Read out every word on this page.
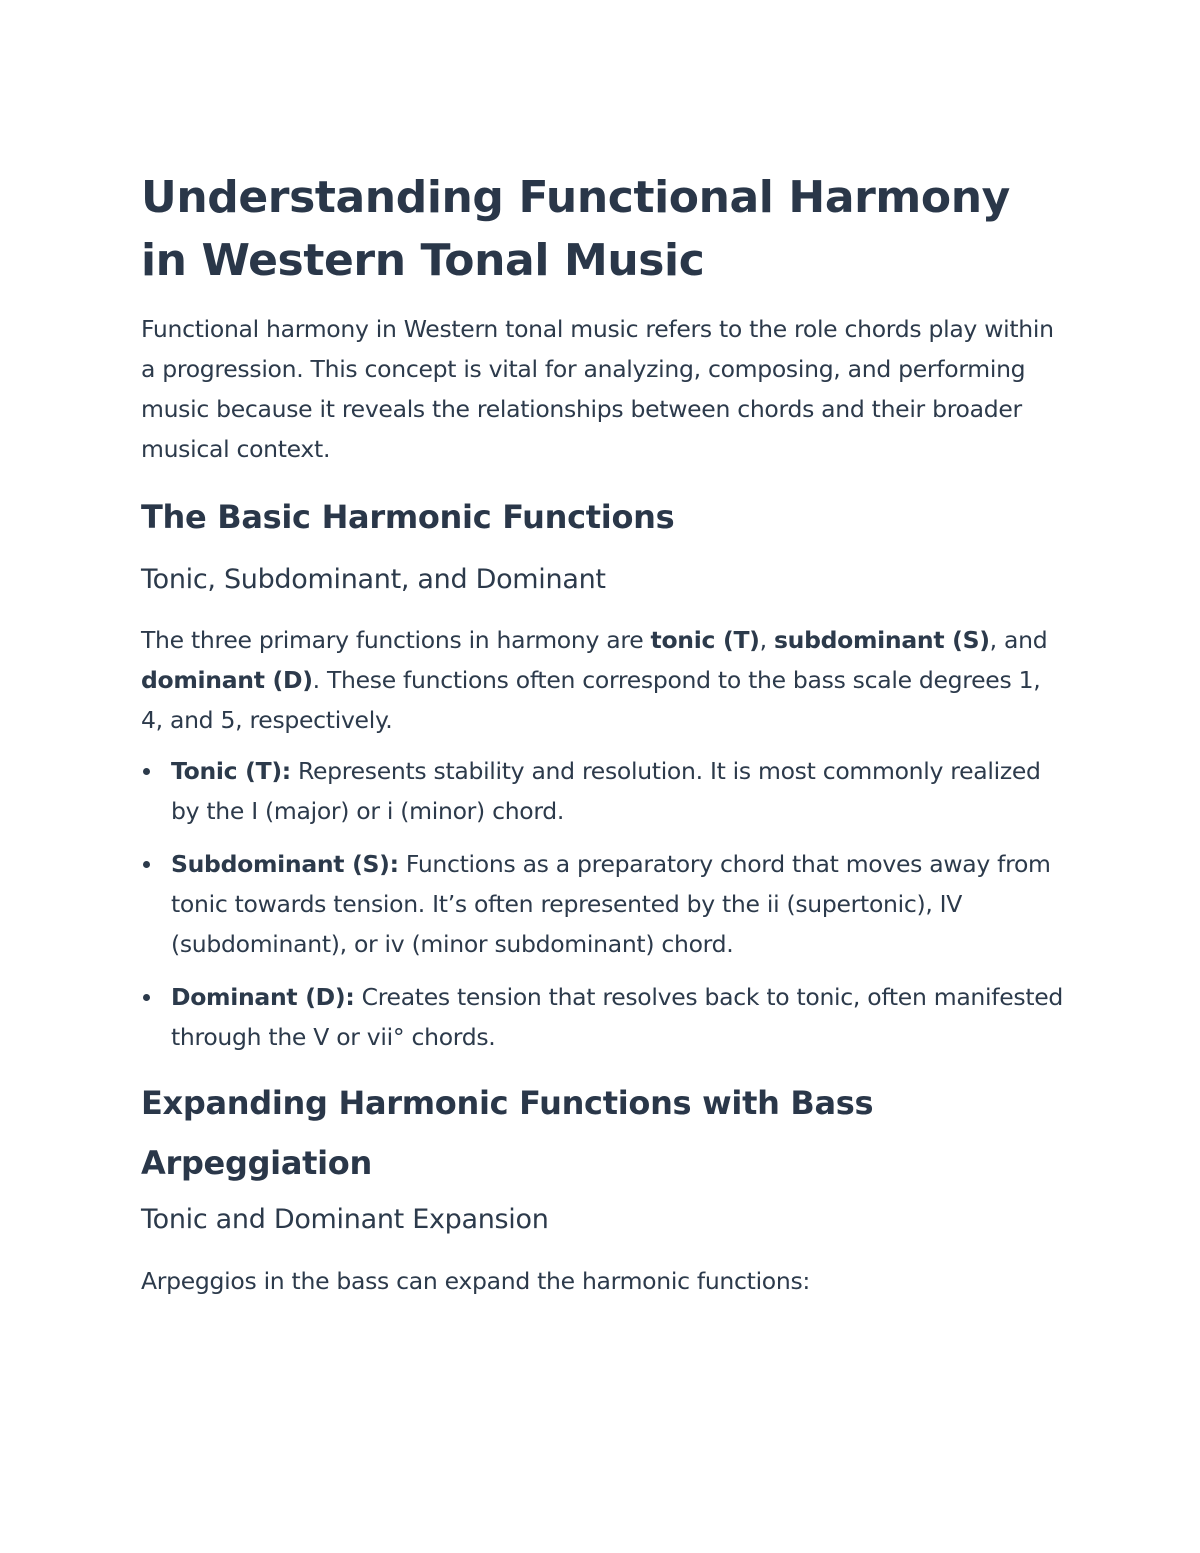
Understanding Functional Harmony in Western Tonal Music

Functional harmony in Western tonal music refers to the role chords play within a progression. This concept is vital for analyzing, composing, and performing music because it reveals the relationships between chords and their broader musical context.

The Basic Harmonic Functions
Tonic, Subdominant, and Dominant

The three primary functions in harmony are tonic (T), subdominant (S), and dominant (D). These functions often correspond to the bass scale degrees 1, 4, and 5, respectively.

Tonic (T): Represents stability and resolution. It is most commonly realized by the I (major) or i (minor) chord.
Subdominant (S): Functions as a preparatory chord that moves away from tonic towards tension. It’s often represented by the ii (supertonic), IV (subdominant), or iv (minor subdominant) chord.
Dominant (D): Creates tension that resolves back to tonic, often manifested through the V or vii° chords.
Expanding Harmonic Functions with Bass Arpeggiation
Tonic and Dominant Expansion

Arpeggios in the bass can expand the harmonic functions:
